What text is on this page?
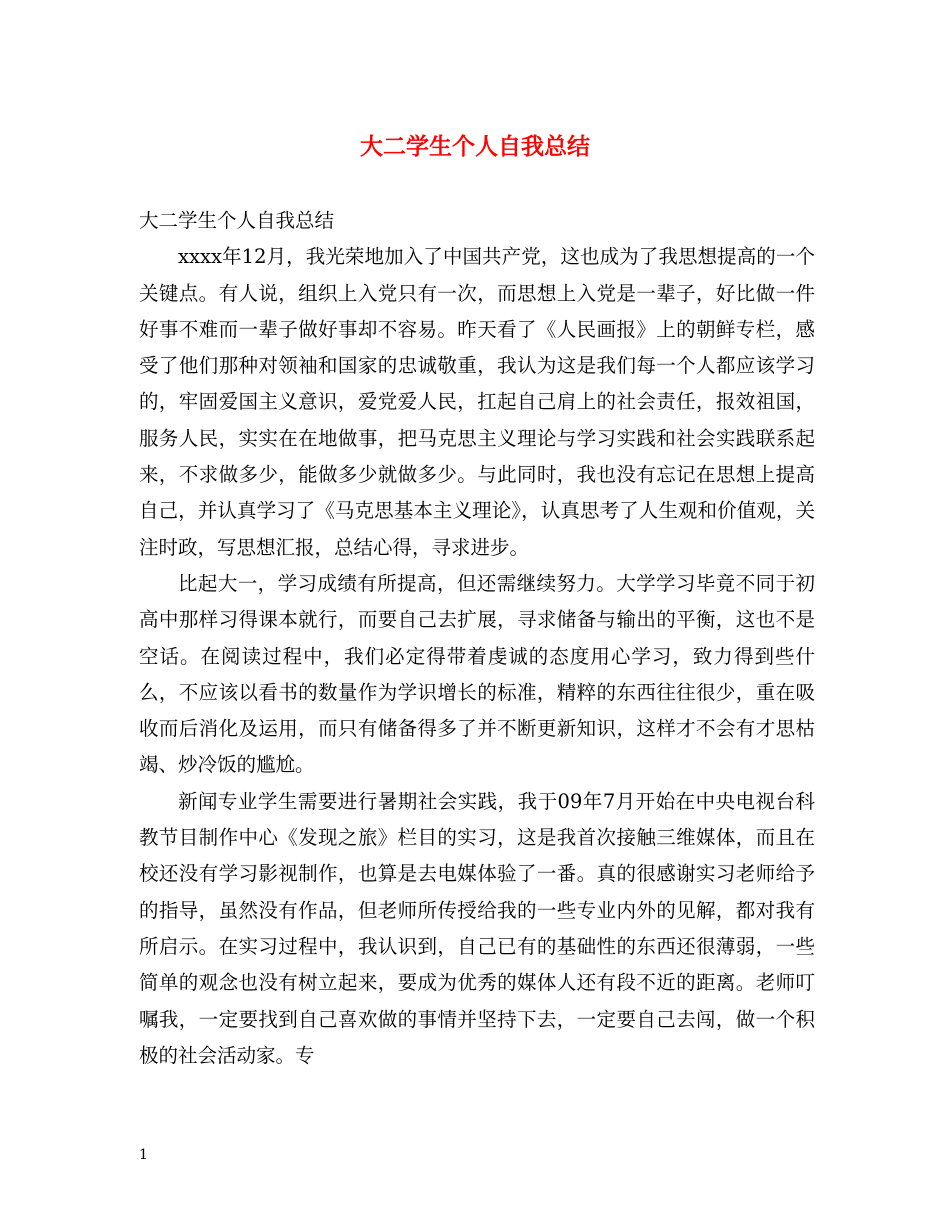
大二学生个人自我总结

大二学生个人自我总结

xxxx年12月，我光荣地加入了中国共产党，这也成为了我思想提高的一个关键点。有人说，组织上入党只有一次，而思想上入党是一辈子，好比做一件好事不难而一辈子做好事却不容易。昨天看了《人民画报》上的朝鲜专栏，感受了他们那种对领袖和国家的忠诚敬重，我认为这是我们每一个人都应该学习的，牢固爱国主义意识，爱党爱人民，扛起自己肩上的社会责任，报效祖国，服务人民，实实在在地做事，把马克思主义理论与学习实践和社会实践联系起来，不求做多少，能做多少就做多少。与此同时，我也没有忘记在思想上提高自己，并认真学习了《马克思基本主义理论》，认真思考了人生观和价值观，关注时政，写思想汇报，总结心得，寻求进步。

比起大一，学习成绩有所提高，但还需继续努力。大学学习毕竟不同于初高中那样习得课本就行，而要自己去扩展，寻求储备与输出的平衡，这也不是空话。在阅读过程中，我们必定得带着虔诚的态度用心学习，致力得到些什么，不应该以看书的数量作为学识增长的标准，精粹的东西往往很少，重在吸收而后消化及运用，而只有储备得多了并不断更新知识，这样才不会有才思枯竭、炒冷饭的尴尬。

新闻专业学生需要进行暑期社会实践，我于09年7月开始在中央电视台科教节目制作中心《发现之旅》栏目的实习，这是我首次接触三维媒体，而且在校还没有学习影视制作，也算是去电媒体验了一番。真的很感谢实习老师给予的指导，虽然没有作品，但老师所传授给我的一些专业内外的见解，都对我有所启示。在实习过程中，我认识到，自己已有的基础性的东西还很薄弱，一些简单的观念也没有树立起来，要成为优秀的媒体人还有段不近的距离。老师叮嘱我，一定要找到自己喜欢做的事情并坚持下去，一定要自己去闯，做一个积极的社会活动家。专

1
